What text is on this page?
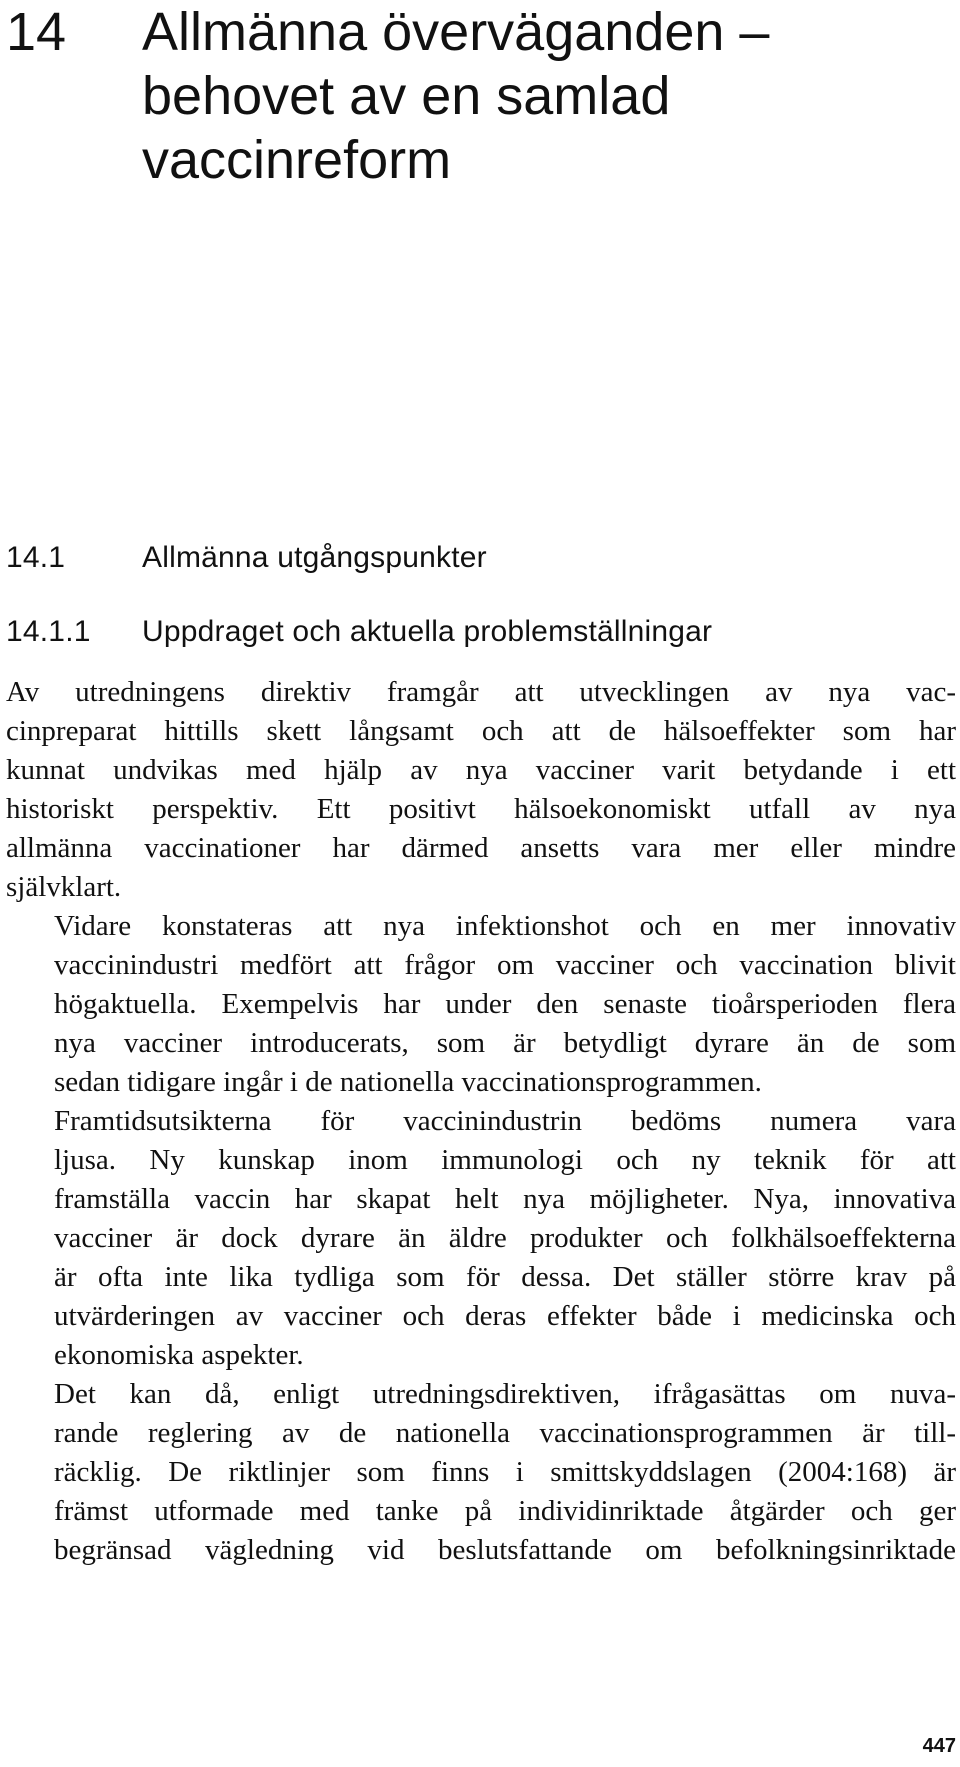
14	Allmänna överväganden –
behovet av en samlad
vaccinreform
14.1	Allmänna utgångspunkter
14.1.1	Uppdraget och aktuella problemställningar

Av utredningens direktiv framgår att utvecklingen av nya vac-
cinpreparat hittills skett långsamt och att de hälsoeffekter som har
kunnat undvikas med hjälp av nya vacciner varit betydande i ett
historiskt perspektiv. Ett positivt hälsoekonomiskt utfall av nya
allmänna vaccinationer har därmed ansetts vara mer eller mindre
självklart.

Vidare konstateras att nya infektionshot och en mer innovativ
vaccinindustri medfört att frågor om vacciner och vaccination blivit
högaktuella. Exempelvis har under den senaste tioårsperioden flera
nya vacciner introducerats, som är betydligt dyrare än de som
sedan tidigare ingår i de nationella vaccinationsprogrammen.

Framtidsutsikterna för vaccinindustrin bedöms numera vara
ljusa. Ny kunskap inom immunologi och ny teknik för att
framställa vaccin har skapat helt nya möjligheter. Nya, innovativa
vacciner är dock dyrare än äldre produkter och folkhälsoeffekterna
är ofta inte lika tydliga som för dessa. Det ställer större krav på
utvärderingen av vacciner och deras effekter både i medicinska och
ekonomiska aspekter.

Det kan då, enligt utredningsdirektiven, ifrågasättas om nuva-
rande reglering av de nationella vaccinationsprogrammen är till-
räcklig. De riktlinjer som finns i smittskyddslagen (2004:168) är
främst utformade med tanke på individinriktade åtgärder och ger
begränsad vägledning vid beslutsfattande om befolkningsinriktade

447
